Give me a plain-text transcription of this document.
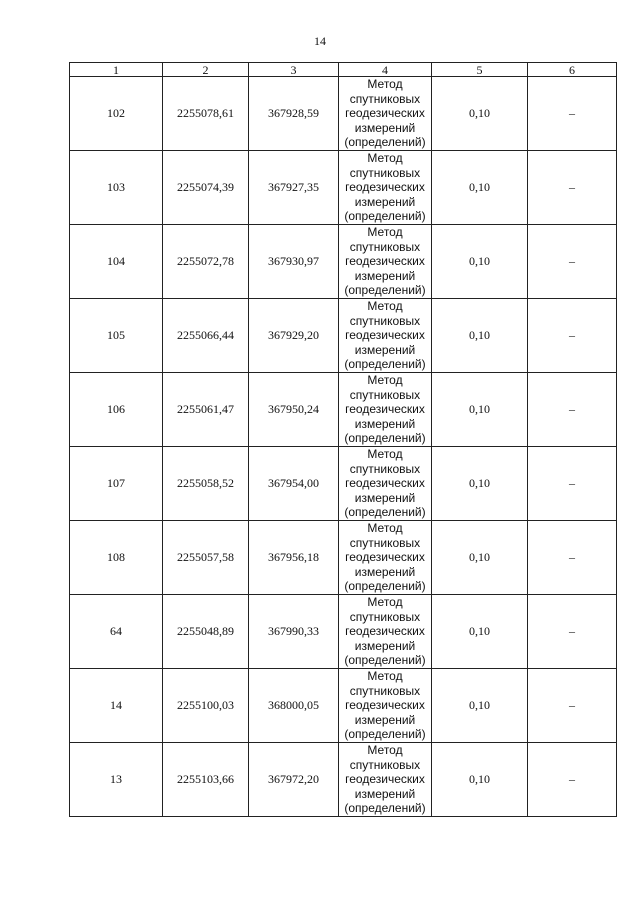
14
1	2	3	4	5	6
102	2255078,61	367928,59	Метод
спутниковых
геодезических
измерений
(определений)	0,10	–
103	2255074,39	367927,35	Метод
спутниковых
геодезических
измерений
(определений)	0,10	–
104	2255072,78	367930,97	Метод
спутниковых
геодезических
измерений
(определений)	0,10	–
105	2255066,44	367929,20	Метод
спутниковых
геодезических
измерений
(определений)	0,10	–
106	2255061,47	367950,24	Метод
спутниковых
геодезических
измерений
(определений)	0,10	–
107	2255058,52	367954,00	Метод
спутниковых
геодезических
измерений
(определений)	0,10	–
108	2255057,58	367956,18	Метод
спутниковых
геодезических
измерений
(определений)	0,10	–
64	2255048,89	367990,33	Метод
спутниковых
геодезических
измерений
(определений)	0,10	–
14	2255100,03	368000,05	Метод
спутниковых
геодезических
измерений
(определений)	0,10	–
13	2255103,66	367972,20	Метод
спутниковых
геодезических
измерений
(определений)	0,10	–
